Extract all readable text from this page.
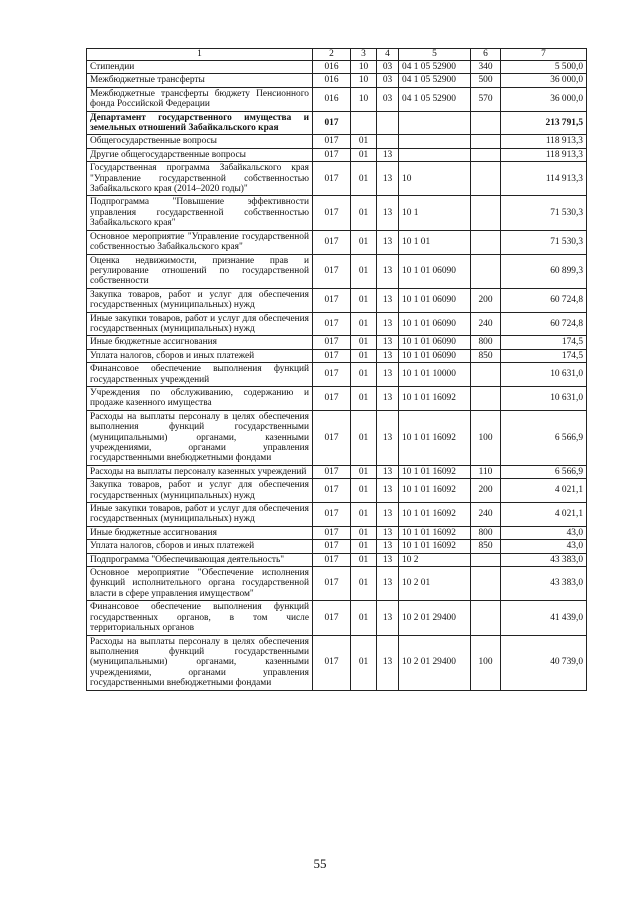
1	2	3	4	5	6	7
Стипендии	016	10	03	04 1 05 52900	340	5 500,0
Межбюджетные трансферты	016	10	03	04 1 05 52900	500	36 000,0
Межбюджетные трансферты бюджету Пенсионного фонда Российской Федерации	016	10	03	04 1 05 52900	570	36 000,0
Департамент государственного имущества и земельных отношений Забайкальского края	017					213 791,5
Общегосударственные вопросы	017	01				118 913,3
Другие общегосударственные вопросы	017	01	13			118 913,3
Государственная программа Забайкальского края "Управление государственной собственностью Забайкальского края (2014–2020 годы)"	017	01	13	10		114 913,3
Подпрограмма "Повышение эффективности управления государственной собственностью Забайкальского края"	017	01	13	10 1		71 530,3
Основное мероприятие "Управление государственной собственностью Забайкальского края"	017	01	13	10 1 01		71 530,3
Оценка недвижимости, признание прав и регулирование отношений по государственной собственности	017	01	13	10 1 01 06090		60 899,3
Закупка товаров, работ и услуг для обеспечения государственных (муниципальных) нужд	017	01	13	10 1 01 06090	200	60 724,8
Иные закупки товаров, работ и услуг для обеспечения государственных (муниципальных) нужд	017	01	13	10 1 01 06090	240	60 724,8
Иные бюджетные ассигнования	017	01	13	10 1 01 06090	800	174,5
Уплата налогов, сборов и иных платежей	017	01	13	10 1 01 06090	850	174,5
Финансовое обеспечение выполнения функций государственных учреждений	017	01	13	10 1 01 10000		10 631,0
Учреждения по обслуживанию, содержанию и продаже казенного имущества	017	01	13	10 1 01 16092		10 631,0
Расходы на выплаты персоналу в целях обеспечения выполнения функций государственными (муниципальными) органами, казенными учреждениями, органами управления государственными внебюджетными фондами	017	01	13	10 1 01 16092	100	6 566,9
Расходы на выплаты персоналу казенных учреждений	017	01	13	10 1 01 16092	110	6 566,9
Закупка товаров, работ и услуг для обеспечения государственных (муниципальных) нужд	017	01	13	10 1 01 16092	200	4 021,1
Иные закупки товаров, работ и услуг для обеспечения государственных (муниципальных) нужд	017	01	13	10 1 01 16092	240	4 021,1
Иные бюджетные ассигнования	017	01	13	10 1 01 16092	800	43,0
Уплата налогов, сборов и иных платежей	017	01	13	10 1 01 16092	850	43,0
Подпрограмма "Обеспечивающая деятельность"	017	01	13	10 2		43 383,0
Основное мероприятие "Обеспечение исполнения функций исполнительного органа государственной власти в сфере управления имуществом"	017	01	13	10 2 01		43 383,0
Финансовое обеспечение выполнения функций государственных органов, в том числе территориальных органов	017	01	13	10 2 01 29400		41 439,0
Расходы на выплаты персоналу в целях обеспечения выполнения функций государственными (муниципальными) органами, казенными учреждениями, органами управления государственными внебюджетными фондами	017	01	13	10 2 01 29400	100	40 739,0
55
